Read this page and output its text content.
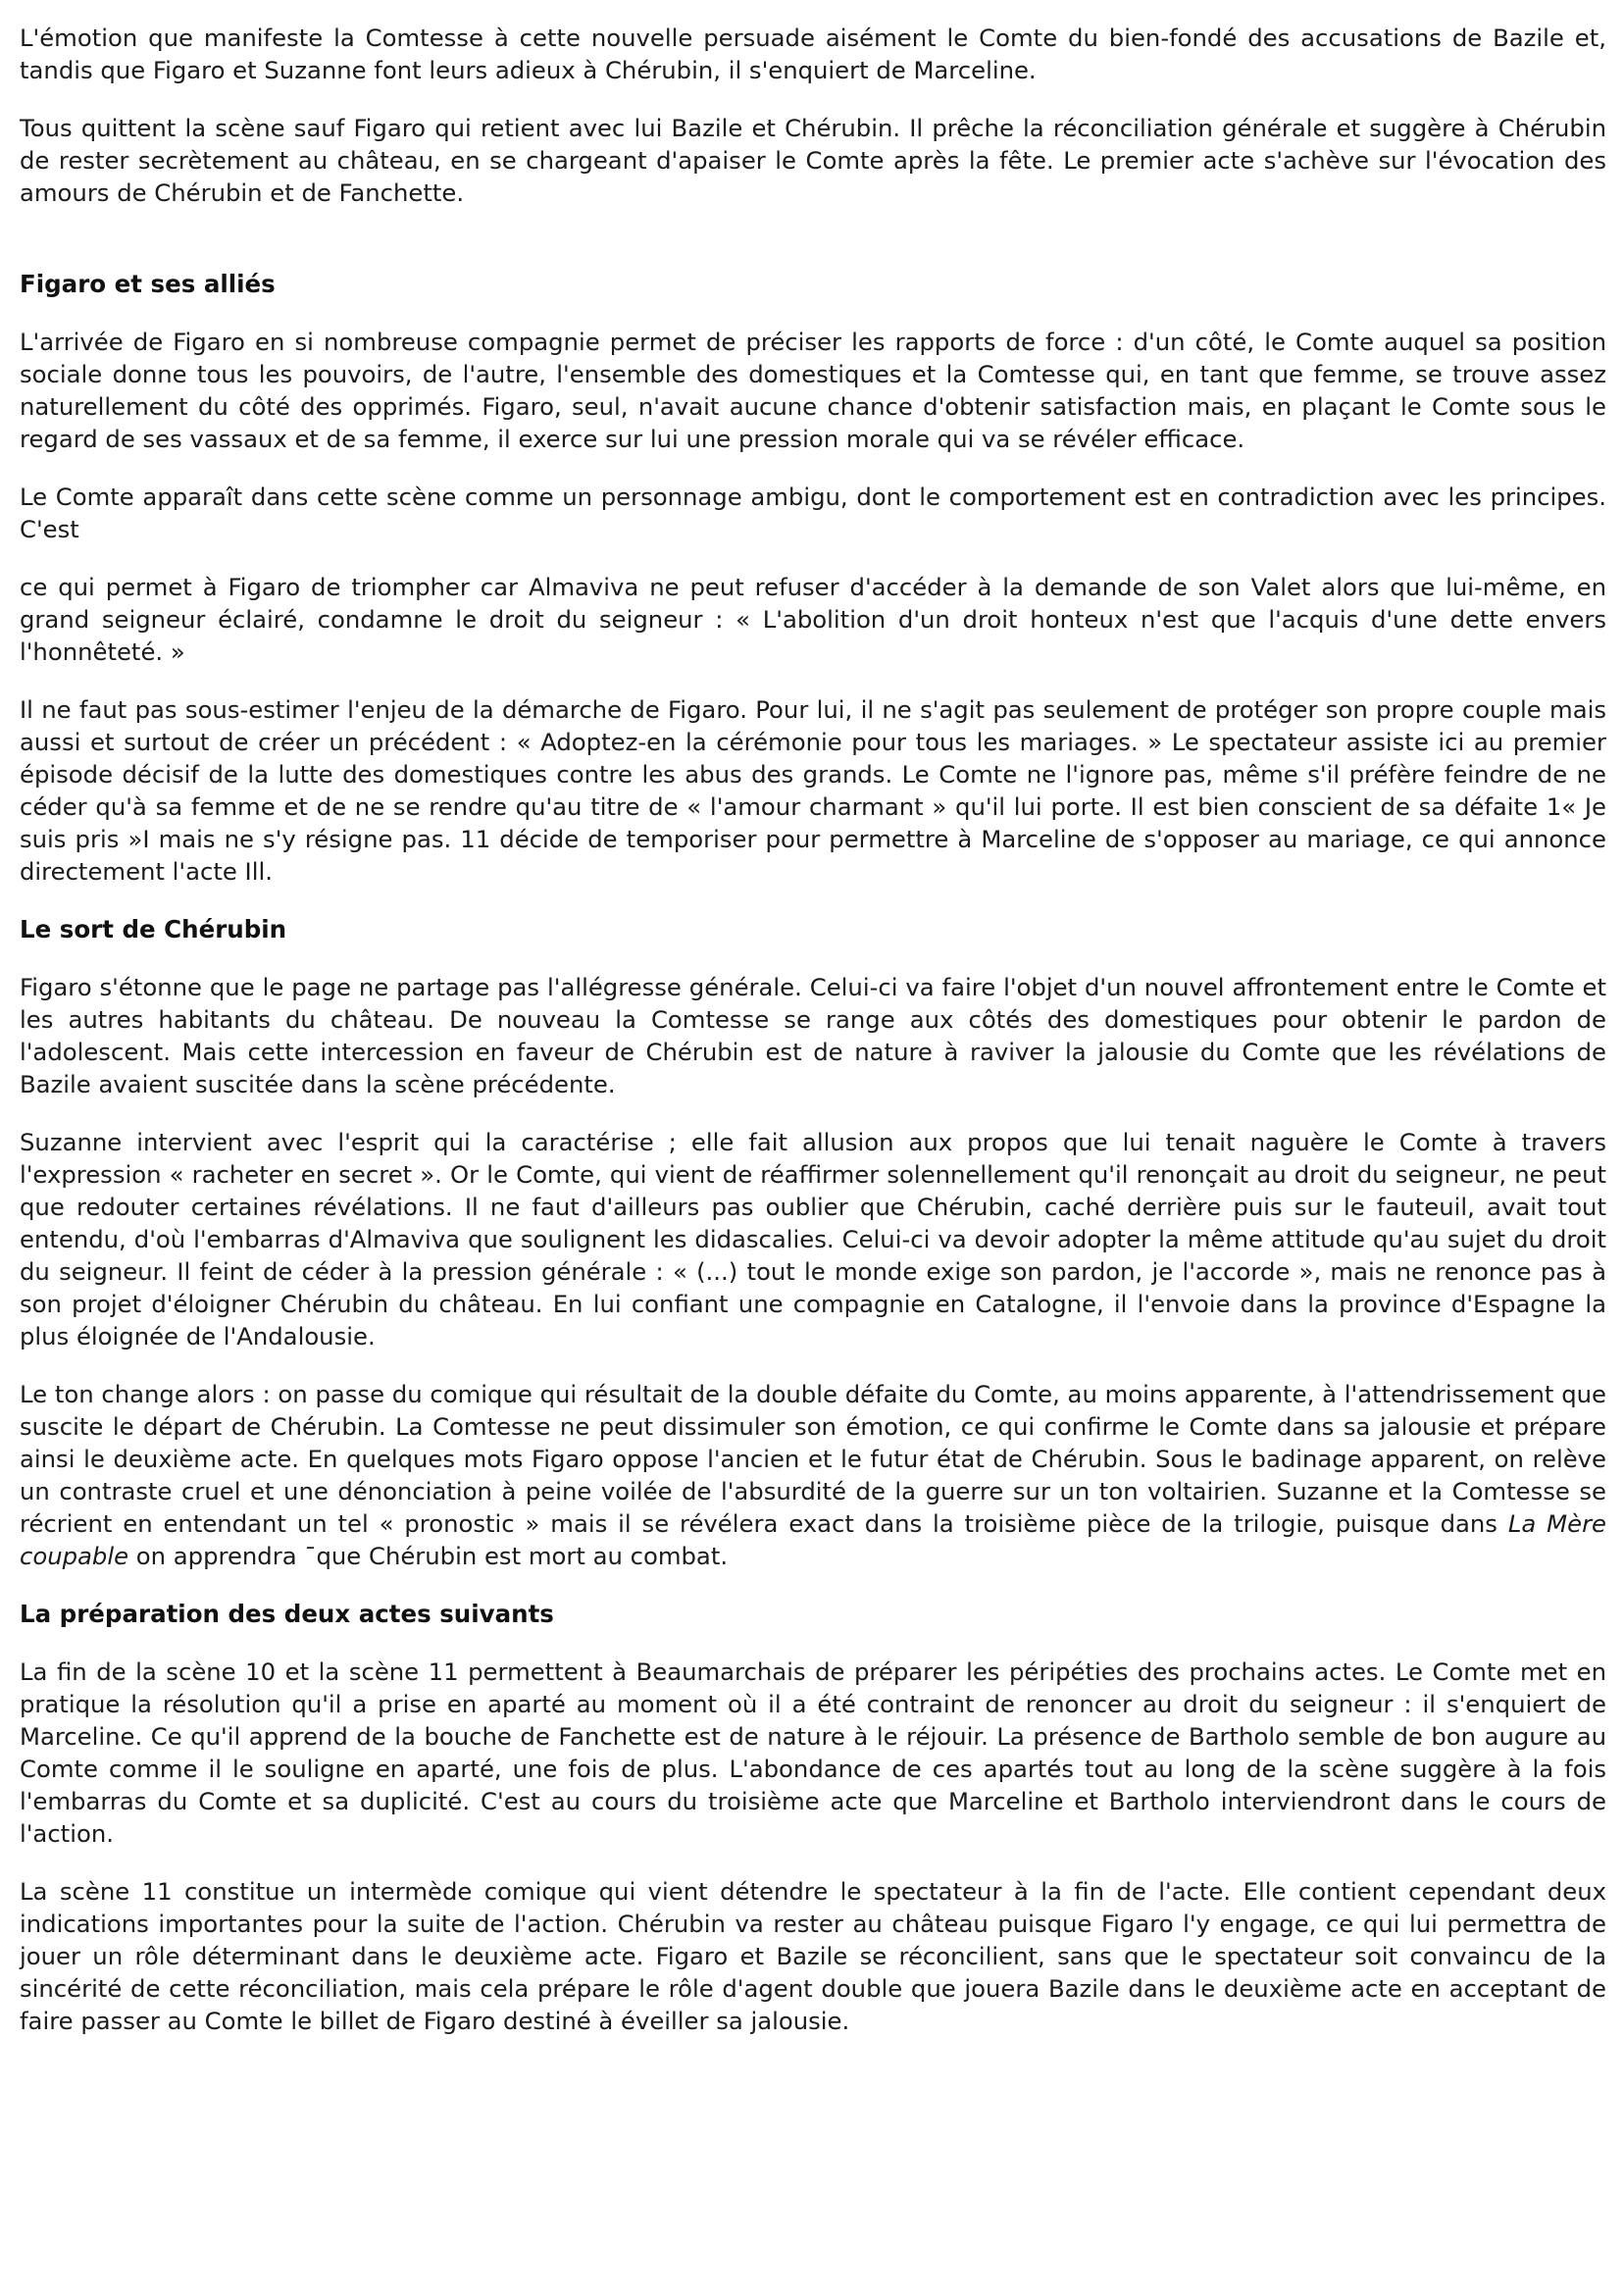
L'émotion que manifeste la Comtesse à cette nouvelle persuade aisément le Comte du bien-fondé des accusations de Bazile et, tandis que Figaro et Suzanne font leurs adieux à Chérubin, il s'enquiert de Marceline.

Tous quittent la scène sauf Figaro qui retient avec lui Bazile et Chérubin. Il prêche la réconciliation générale et suggère à Chérubin de rester secrètement au château, en se chargeant d'apaiser le Comte après la fête. Le premier acte s'achève sur l'évocation des amours de Chérubin et de Fanchette.

Figaro et ses alliés

L'arrivée de Figaro en si nombreuse compagnie permet de préciser les rapports de force : d'un côté, le Comte auquel sa position sociale donne tous les pouvoirs, de l'autre, l'ensemble des domestiques et la Comtesse qui, en tant que femme, se trouve assez naturellement du côté des opprimés. Figaro, seul, n'avait aucune chance d'obtenir satisfaction mais, en plaçant le Comte sous le regard de ses vassaux et de sa femme, il exerce sur lui une pression morale qui va se révéler efficace.

Le Comte apparaît dans cette scène comme un personnage ambigu, dont le comportement est en contradiction avec les principes. C'est

ce qui permet à Figaro de triompher car Almaviva ne peut refuser d'accéder à la demande de son Valet alors que lui-même, en grand seigneur éclairé, condamne le droit du seigneur : « L'abolition d'un droit honteux n'est que l'acquis d'une dette envers l'honnêteté. »

Il ne faut pas sous-estimer l'enjeu de la démarche de Figaro. Pour lui, il ne s'agit pas seulement de protéger son propre couple mais aussi et surtout de créer un précédent : « Adoptez-en la cérémonie pour tous les mariages. » Le spectateur assiste ici au premier épisode décisif de la lutte des domestiques contre les abus des grands. Le Comte ne l'ignore pas, même s'il préfère feindre de ne céder qu'à sa femme et de ne se rendre qu'au titre de « l'amour charmant » qu'il lui porte. Il est bien conscient de sa défaite 1« Je suis pris »I mais ne s'y résigne pas. 11 décide de temporiser pour permettre à Marceline de s'opposer au mariage, ce qui annonce directement l'acte Ill.

Le sort de Chérubin

Figaro s'étonne que le page ne partage pas l'allégresse générale. Celui-ci va faire l'objet d'un nouvel affrontement entre le Comte et les autres habitants du château. De nouveau la Comtesse se range aux côtés des domestiques pour obtenir le pardon de l'adolescent. Mais cette intercession en faveur de Chérubin est de nature à raviver la jalousie du Comte que les révélations de Bazile avaient suscitée dans la scène précédente.

Suzanne intervient avec l'esprit qui la caractérise ; elle fait allusion aux propos que lui tenait naguère le Comte à travers l'expression « racheter en secret ». Or le Comte, qui vient de réaffirmer solennellement qu'il renonçait au droit du seigneur, ne peut que redouter certaines révélations. Il ne faut d'ailleurs pas oublier que Chérubin, caché derrière puis sur le fauteuil, avait tout entendu, d'où l'embarras d'Almaviva que soulignent les didascalies. Celui-ci va devoir adopter la même attitude qu'au sujet du droit du seigneur. Il feint de céder à la pression générale : « (...) tout le monde exige son pardon, je l'accorde », mais ne renonce pas à son projet d'éloigner Chérubin du château. En lui confiant une compagnie en Catalogne, il l'envoie dans la province d'Espagne la plus éloignée de l'Andalousie.

Le ton change alors : on passe du comique qui résultait de la double défaite du Comte, au moins apparente, à l'attendrissement que suscite le départ de Chérubin. La Comtesse ne peut dissimuler son émotion, ce qui confirme le Comte dans sa jalousie et prépare ainsi le deuxième acte. En quelques mots Figaro oppose l'ancien et le futur état de Chérubin. Sous le badinage apparent, on relève un contraste cruel et une dénonciation à peine voilée de l'absurdité de la guerre sur un ton voltairien. Suzanne et la Comtesse se récrient en entendant un tel « pronostic » mais il se révélera exact dans la troisième pièce de la trilogie, puisque dans La Mère coupable on apprendra ¯que Chérubin est mort au combat.

La préparation des deux actes suivants

La fin de la scène 10 et la scène 11 permettent à Beaumarchais de préparer les péripéties des prochains actes. Le Comte met en pratique la résolution qu'il a prise en aparté au moment où il a été contraint de renoncer au droit du seigneur : il s'enquiert de Marceline. Ce qu'il apprend de la bouche de Fanchette est de nature à le réjouir. La présence de Bartholo semble de bon augure au Comte comme il le souligne en aparté, une fois de plus. L'abondance de ces apartés tout au long de la scène suggère à la fois l'embarras du Comte et sa duplicité. C'est au cours du troisième acte que Marceline et Bartholo interviendront dans le cours de l'action.

La scène 11 constitue un intermède comique qui vient détendre le spectateur à la fin de l'acte. Elle contient cependant deux indications importantes pour la suite de l'action. Chérubin va rester au château puisque Figaro l'y engage, ce qui lui permettra de jouer un rôle déterminant dans le deuxième acte. Figaro et Bazile se réconcilient, sans que le spectateur soit convaincu de la sincérité de cette réconciliation, mais cela prépare le rôle d'agent double que jouera Bazile dans le deuxième acte en acceptant de faire passer au Comte le billet de Figaro destiné à éveiller sa jalousie.
